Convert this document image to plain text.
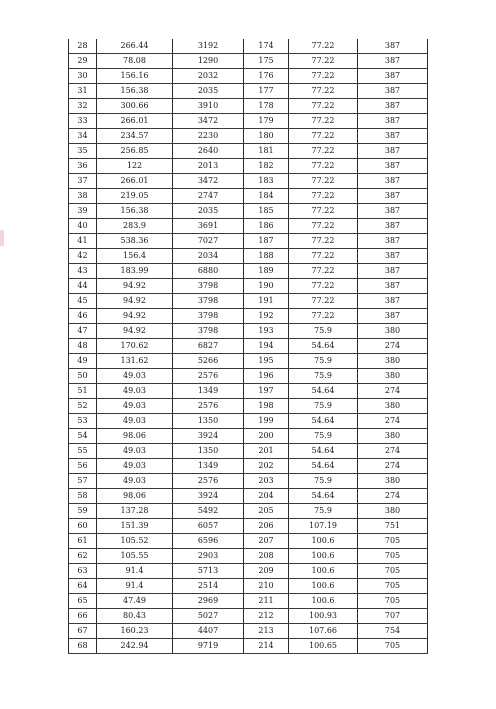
28	266.44	3192	174	77.22	387
29	78.08	1290	175	77.22	387
30	156.16	2032	176	77.22	387
31	156.38	2035	177	77.22	387
32	300.66	3910	178	77.22	387
33	266.01	3472	179	77.22	387
34	234.57	2230	180	77.22	387
35	256.85	2640	181	77.22	387
36	122	2013	182	77.22	387
37	266.01	3472	183	77.22	387
38	219.05	2747	184	77.22	387
39	156.38	2035	185	77.22	387
40	283.9	3691	186	77.22	387
41	538.36	7027	187	77.22	387
42	156.4	2034	188	77.22	387
43	183.99	6880	189	77.22	387
44	94.92	3798	190	77.22	387
45	94.92	3798	191	77.22	387
46	94.92	3798	192	77.22	387
47	94.92	3798	193	75.9	380
48	170.62	6827	194	54.64	274
49	131.62	5266	195	75.9	380
50	49.03	2576	196	75.9	380
51	49.03	1349	197	54.64	274
52	49.03	2576	198	75.9	380
53	49.03	1350	199	54.64	274
54	98.06	3924	200	75.9	380
55	49.03	1350	201	54.64	274
56	49.03	1349	202	54.64	274
57	49.03	2576	203	75.9	380
58	98.06	3924	204	54.64	274
59	137.28	5492	205	75.9	380
60	151.39	6057	206	107.19	751
61	105.52	6596	207	100.6	705
62	105.55	2903	208	100.6	705
63	91.4	5713	209	100.6	705
64	91.4	2514	210	100.6	705
65	47.49	2969	211	100.6	705
66	80.43	5027	212	100.93	707
67	160.23	4407	213	107.66	754
68	242.94	9719	214	100.65	705
